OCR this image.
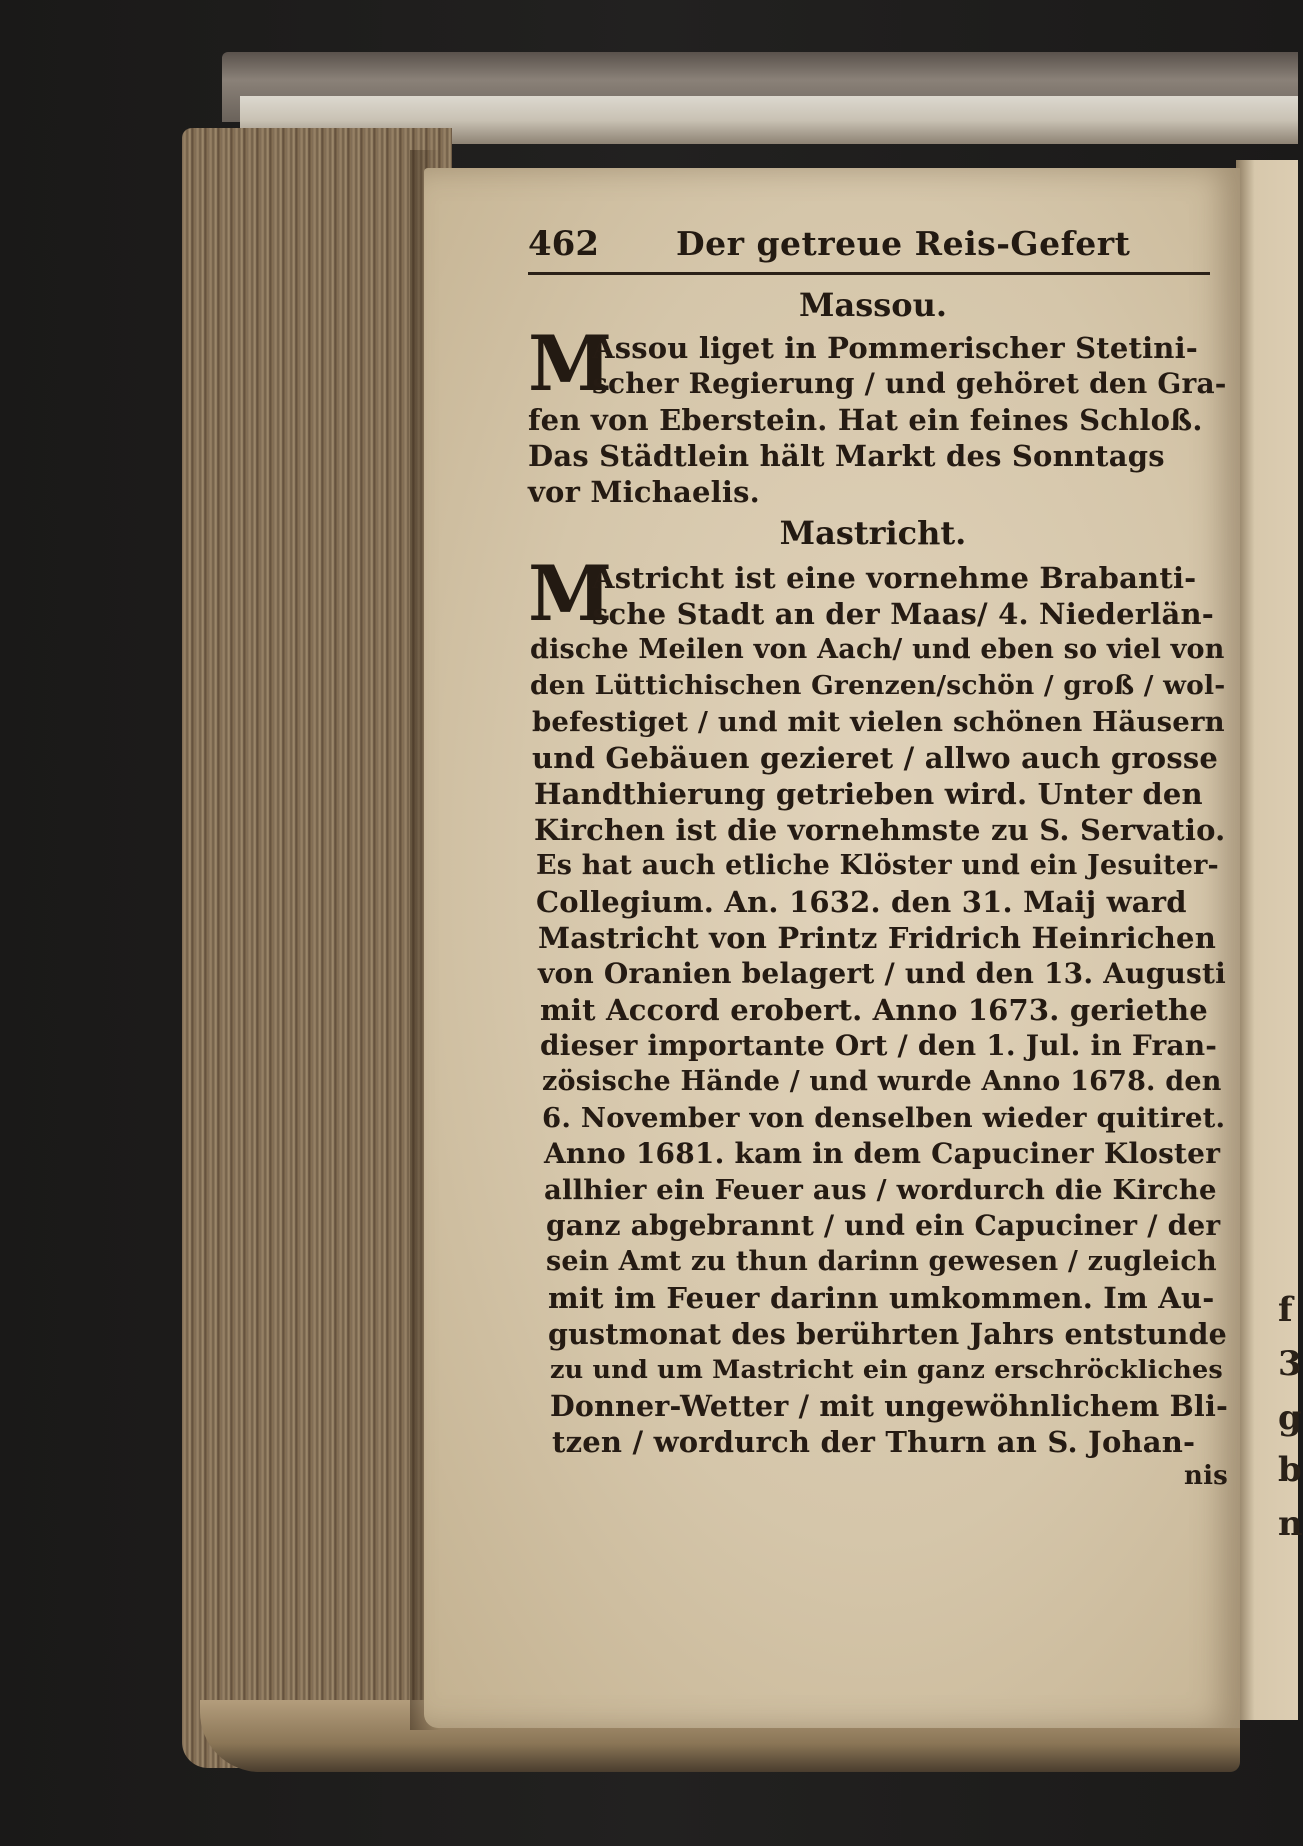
f
3
g
b
n
462 Der getreue Reis-Gefert
Massou.
M
Assou liget in Pommerischer Stetini-
scher Regierung / und gehöret den Gra-
fen von Eberstein. Hat ein feines Schloß.
Das Städtlein hält Markt des Sonntags
vor Michaelis.
Mastricht.
M
Astricht ist eine vornehme Brabanti-
sche Stadt an der Maas/ 4. Niederlän-
dische Meilen von Aach/ und eben so viel von
den Lüttichischen Grenzen/schön / groß / wol-
befestiget / und mit vielen schönen Häusern
und Gebäuen gezieret / allwo auch grosse
Handthierung getrieben wird. Unter den
Kirchen ist die vornehmste zu S. Servatio.
Es hat auch etliche Klöster und ein Jesuiter-
Collegium. An. 1632. den 31. Maij ward
Mastricht von Printz Fridrich Heinrichen
von Oranien belagert / und den 13. Augusti
mit Accord erobert. Anno 1673. geriethe
dieser importante Ort / den 1. Jul. in Fran-
zösische Hände / und wurde Anno 1678. den
6. November von denselben wieder quitiret.
Anno 1681. kam in dem Capuciner Kloster
allhier ein Feuer aus / wordurch die Kirche
ganz abgebrannt / und ein Capuciner / der
sein Amt zu thun darinn gewesen / zugleich
mit im Feuer darinn umkommen. Im Au-
gustmonat des berührten Jahrs entstunde
zu und um Mastricht ein ganz erschröckliches
Donner-Wetter / mit ungewöhnlichem Bli-
tzen / wordurch der Thurn an S. Johan-
nis
